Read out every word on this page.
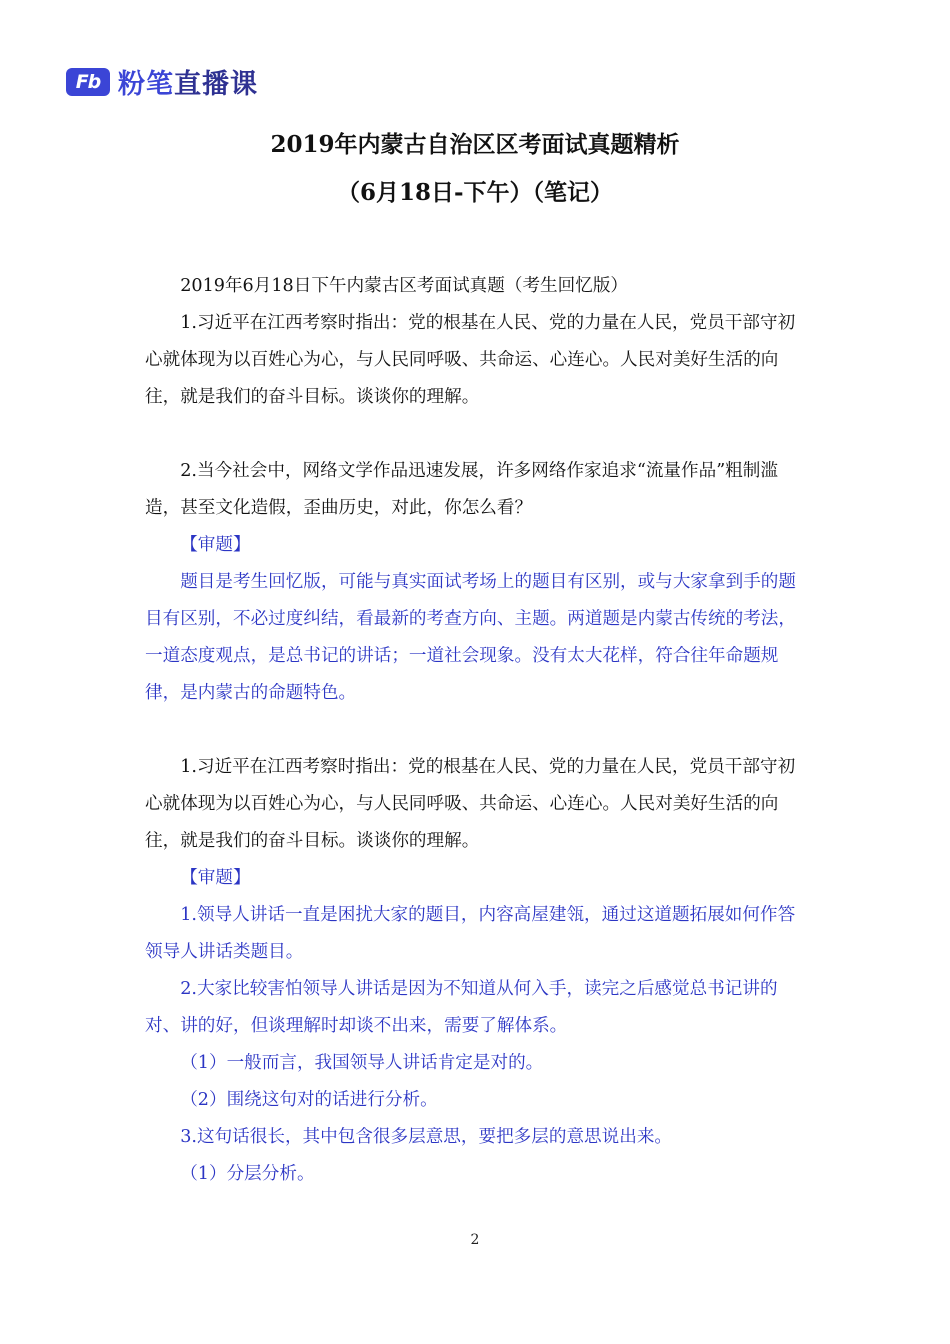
Fb 粉笔直播课
2019年内蒙古自治区区考面试真题精析
（6月18日-下午）（笔记）

2019年6月18日下午内蒙古区考面试真题（考生回忆版）

1.习近平在江西考察时指出：党的根基在人民、党的力量在人民，党员干部守初心就体现为以百姓心为心，与人民同呼吸、共命运、心连心。人民对美好生活的向往，就是我们的奋斗目标。谈谈你的理解。

2.当今社会中，网络文学作品迅速发展，许多网络作家追求“流量作品”粗制滥造，甚至文化造假，歪曲历史，对此，你怎么看？

【审题】

题目是考生回忆版，可能与真实面试考场上的题目有区别，或与大家拿到手的题目有区别，不必过度纠结，看最新的考查方向、主题。两道题是内蒙古传统的考法，一道态度观点，是总书记的讲话；一道社会现象。没有太大花样，符合往年命题规律，是内蒙古的命题特色。

1.习近平在江西考察时指出：党的根基在人民、党的力量在人民，党员干部守初心就体现为以百姓心为心，与人民同呼吸、共命运、心连心。人民对美好生活的向往，就是我们的奋斗目标。谈谈你的理解。

【审题】

1.领导人讲话一直是困扰大家的题目，内容高屋建瓴，通过这道题拓展如何作答领导人讲话类题目。

2.大家比较害怕领导人讲话是因为不知道从何入手，读完之后感觉总书记讲的对、讲的好，但谈理解时却谈不出来，需要了解体系。

（1）一般而言，我国领导人讲话肯定是对的。

（2）围绕这句对的话进行分析。

3.这句话很长，其中包含很多层意思，要把多层的意思说出来。

（1）分层分析。

2
